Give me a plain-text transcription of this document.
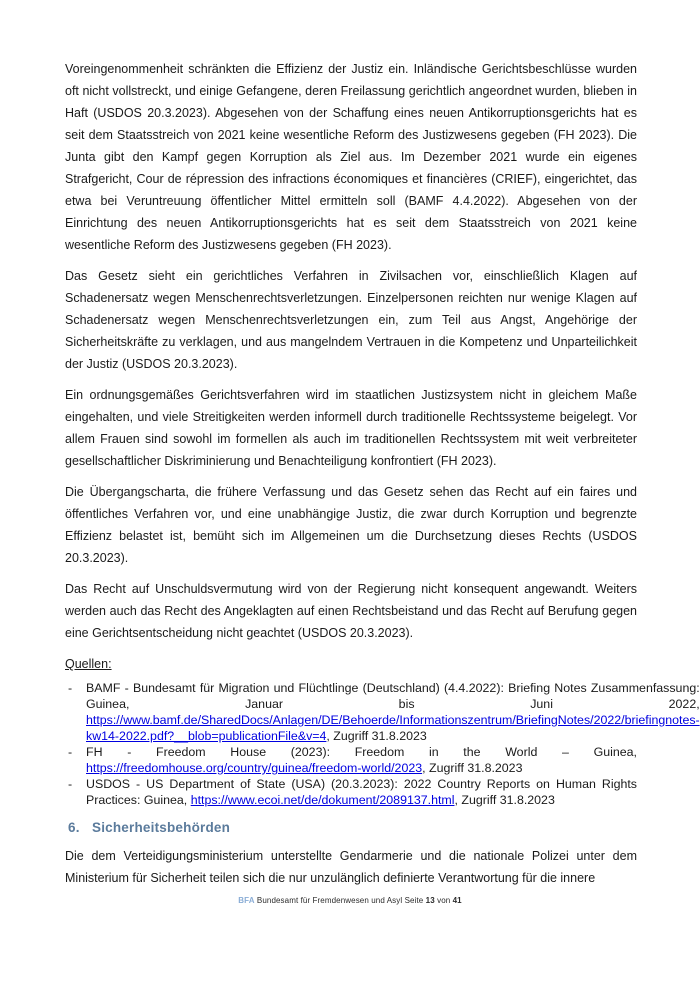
Voreingenommenheit schränkten die Effizienz der Justiz ein. Inländische Gerichtsbeschlüsse wurden oft nicht vollstreckt, und einige Gefangene, deren Freilassung gerichtlich angeordnet wurden, blieben in Haft (USDOS 20.3.2023). Abgesehen von der Schaffung eines neuen Antikorruptionsgerichts hat es seit dem Staatsstreich von 2021 keine wesentliche Reform des Justizwesens gegeben (FH 2023). Die Junta gibt den Kampf gegen Korruption als Ziel aus. Im Dezember 2021 wurde ein eigenes Strafgericht, Cour de répression des infractions économiques et financières (CRIEF), eingerichtet, das etwa bei Veruntreuung öffentlicher Mittel ermitteln soll (BAMF 4.4.2022). Abgesehen von der Einrichtung des neuen Antikorruptionsgerichts hat es seit dem Staatsstreich von 2021 keine wesentliche Reform des Justizwesens gegeben (FH 2023).

Das Gesetz sieht ein gerichtliches Verfahren in Zivilsachen vor, einschließlich Klagen auf Schadenersatz wegen Menschenrechtsverletzungen. Einzelpersonen reichten nur wenige Klagen auf Schadenersatz wegen Menschenrechtsverletzungen ein, zum Teil aus Angst, Angehörige der Sicherheitskräfte zu verklagen, und aus mangelndem Vertrauen in die Kompetenz und Unparteilichkeit der Justiz (USDOS 20.3.2023).

Ein ordnungsgemäßes Gerichtsverfahren wird im staatlichen Justizsystem nicht in gleichem Maße eingehalten, und viele Streitigkeiten werden informell durch traditionelle Rechtssysteme beigelegt. Vor allem Frauen sind sowohl im formellen als auch im traditionellen Rechtssystem mit weit verbreiteter gesellschaftlicher Diskriminierung und Benachteiligung konfrontiert (FH 2023).

Die Übergangscharta, die frühere Verfassung und das Gesetz sehen das Recht auf ein faires und öffentliches Verfahren vor, und eine unabhängige Justiz, die zwar durch Korruption und begrenzte Effizienz belastet ist, bemüht sich im Allgemeinen um die Durchsetzung dieses Rechts (USDOS 20.3.2023).

Das Recht auf Unschuldsvermutung wird von der Regierung nicht konsequent angewandt. Weiters werden auch das Recht des Angeklagten auf einen Rechtsbeistand und das Recht auf Berufung gegen eine Gerichtsentscheidung nicht geachtet (USDOS 20.3.2023).

Quellen:

-	BAMF - Bundesamt für Migration und Flüchtlinge (Deutschland) (4.4.2022): Briefing Notes Zusammenfassung: Guinea, Januar bis Juni 2022, https://www.bamf.de/SharedDocs/Anlagen/DE/Behoerde/Informationszentrum/BriefingNotes/2022/briefingnotes-kw14-2022.pdf?__blob=publicationFile&v=4, Zugriff 31.8.2023
-	FH - Freedom House (2023): Freedom in the World – Guinea, https://freedomhouse.org/country/guinea/freedom-world/2023, Zugriff 31.8.2023
-	USDOS - US Department of State (USA) (20.3.2023): 2022 Country Reports on Human Rights Practices: Guinea, https://www.ecoi.net/de/dokument/2089137.html, Zugriff 31.8.2023
6. Sicherheitsbehörden

Die dem Verteidigungsministerium unterstellte Gendarmerie und die nationale Polizei unter dem Ministerium für Sicherheit teilen sich die nur unzulänglich definierte Verantwortung für die innere

BFA Bundesamt für Fremdenwesen und Asyl Seite 13 von 41
